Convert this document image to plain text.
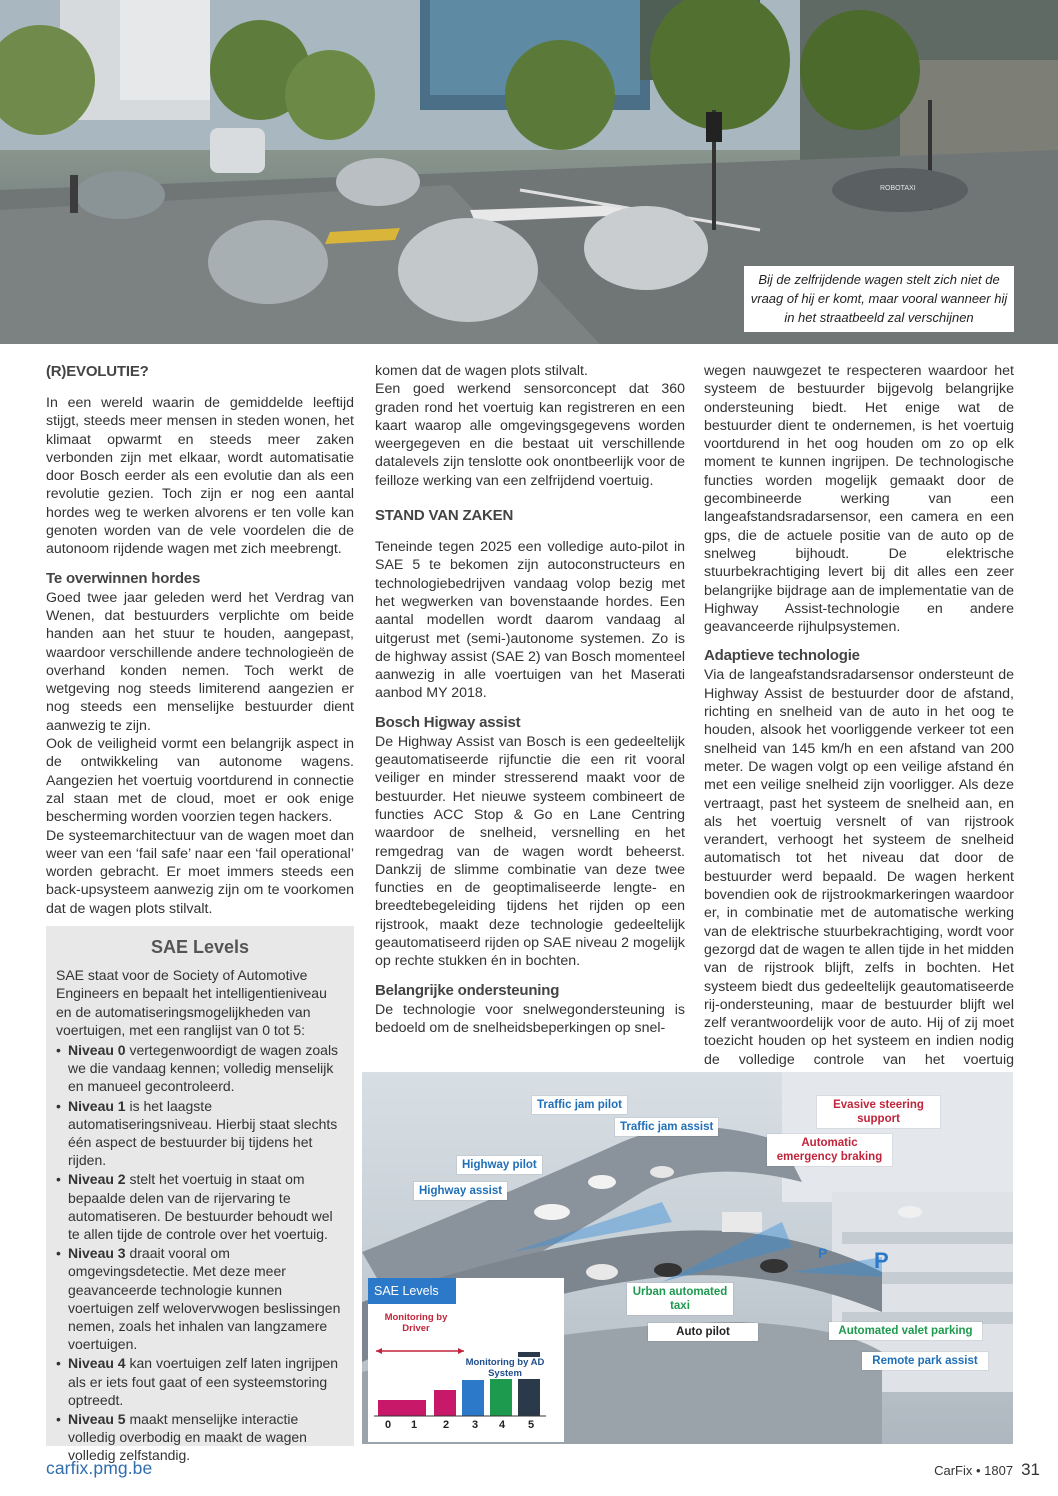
ROBOTAXI
Bij de zelfrijdende wagen stelt zich niet de vraag of hij er komt, maar vooral wanneer hij in het straatbeeld zal verschijnen
(R)EVOLUTIE?

In een wereld waarin de gemiddelde leeftijd stijgt, steeds meer mensen in steden wonen, het klimaat opwarmt en steeds meer zaken verbonden zijn met elkaar, wordt automatisatie door Bosch eerder als een evolutie dan als een revolutie gezien. Toch zijn er nog een aantal hordes weg te werken alvorens er ten volle kan genoten worden van de vele voordelen die de autonoom rijdende wagen met zich meebrengt.

Te overwinnen hordes

Goed twee jaar geleden werd het Verdrag van Wenen, dat bestuurders verplichte om beide handen aan het stuur te houden, aangepast, waardoor verschillende andere technologieën de overhand konden nemen. Toch werkt de wetgeving nog steeds limiterend aangezien er nog steeds een menselijke bestuurder dient aanwezig te zijn.

Ook de veiligheid vormt een belangrijk aspect in de ontwikkeling van autonome wagens. Aangezien het voertuig voortdurend in connectie zal staan met de cloud, moet er ook enige bescherming worden voorzien tegen hackers.

De systeemarchitectuur van de wagen moet dan weer van een ‘fail safe’ naar een ‘fail operational’ worden gebracht. Er moet immers steeds een back-upsysteem aanwezig zijn om te voorkomen dat de wagen plots stilvalt.

SAE Levels

SAE staat voor de Society of Automotive Engineers en bepaalt het intelligentieniveau en de automatiseringsmogelijkheden van voertuigen, met een ranglijst van 0 tot 5:

• Niveau 0 vertegenwoordigt de wagen zoals we die vandaag kennen; volledig menselijk en manueel gecontroleerd.
• Niveau 1 is het laagste automatiseringsniveau. Hierbij staat slechts één aspect de bestuurder bij tijdens het rijden.
• Niveau 2 stelt het voertuig in staat om bepaalde delen van de rijervaring te automatiseren. De bestuurder behoudt wel te allen tijde de controle over het voertuig.
• Niveau 3 draait vooral om omgevingsdetectie. Met deze meer geavanceerde technologie kunnen voertuigen zelf welovervwogen beslissingen nemen, zoals het inhalen van langzamere voertuigen.
• Niveau 4 kan voertuigen zelf laten ingrijpen als er iets fout gaat of een systeemstoring optreedt.
• Niveau 5 maakt menselijke interactie volledig overbodig en maakt de wagen volledig zelfstandig.

komen dat de wagen plots stilvalt.

Een goed werkend sensorconcept dat 360 graden rond het voertuig kan registreren en een kaart waarop alle omgevingsgegevens worden weergegeven en die bestaat uit verschillende datalevels zijn tenslotte ook onontbeerlijk voor de feilloze werking van een zelfrijdend voertuig.

STAND VAN ZAKEN

Teneinde tegen 2025 een volledige auto-pilot in SAE 5 te bekomen zijn autoconstructeurs en technologiebedrijven vandaag volop bezig met het wegwerken van bovenstaande hordes. Een aantal modellen wordt daarom vandaag al uitgerust met (semi-)autonome systemen. Zo is de highway assist (SAE 2) van Bosch momenteel aanwezig in alle voertuigen van het Maserati aanbod MY 2018.

Bosch Higway assist

De Highway Assist van Bosch is een gedeeltelijk geautomatiseerde rijfunctie die een rit vooral veiliger en minder stresserend maakt voor de bestuurder. Het nieuwe systeem combineert de functies ACC Stop & Go en Lane Centring waardoor de snelheid, versnelling en het remgedrag van de wagen wordt beheerst. Dankzij de slimme combinatie van deze twee functies en de geoptimaliseerde lengte- en breedtebegeleiding tijdens het rijden op een rijstrook, maakt deze technologie gedeeltelijk geautomatiseerd rijden op SAE niveau 2 mogelijk op rechte stukken én in bochten.

Belangrijke ondersteuning

De technologie voor snelwegondersteuning is bedoeld om de snelheidsbeperkingen op snel-

wegen nauwgezet te respecteren waardoor het systeem de bestuurder bijgevolg belangrijke ondersteuning biedt. Het enige wat de bestuurder dient te ondernemen, is het voertuig voortdurend in het oog houden om zo op elk moment te kunnen ingrijpen. De technologische functies worden mogelijk gemaakt door de gecombineerde werking van een langeafstandsradarsensor, een camera en een gps, die de actuele positie van de auto op de snelweg bijhoudt. De elektrische stuurbekrachtiging levert bij dit alles een zeer belangrijke bijdrage aan de implementatie van de Highway Assist-technologie en andere geavanceerde rijhulpsystemen.

Adaptieve technologie

Via de langeafstandsradarsensor ondersteunt de Highway Assist de bestuurder door de afstand, richting en snelheid van de auto in het oog te houden, alsook het voorliggende verkeer tot een snelheid van 145 km/h en een afstand van 200 meter. De wagen volgt op een veilige afstand én met een veilige snelheid zijn voorligger. Als deze vertraagt, past het systeem de snelheid aan, en als het voertuig versnelt of van rijstrook verandert, verhoogt het systeem de snelheid automatisch tot het niveau dat door de bestuurder werd bepaald. De wagen herkent bovendien ook de rijstrookmarkeringen waardoor er, in combinatie met de automatische werking van de elektrische stuurbekrachtiging, wordt voor gezorgd dat de wagen te allen tijde in het midden van de rijstrook blijft, zelfs in bochten. Het systeem biedt dus gedeeltelijk geautomatiseerde rij-ondersteuning, maar de bestuurder blijft wel zelf verantwoordelijk voor de auto. Hij of zij moet toezicht houden op het systeem en indien nodig de volledige controle van het voertuig

P P
Traffic jam pilot
Traffic jam assist
Highway pilot
Highway assist
Evasive steering support
Automatic emergency braking
Urban automated taxi
Auto pilot	Automated valet parking
Remote park assist
SAE Levels
Monitoring by Driver
Monitoring by AD System
0 1 2 3 4 5
carfix.pmg.be	CarFix • 1807 31
